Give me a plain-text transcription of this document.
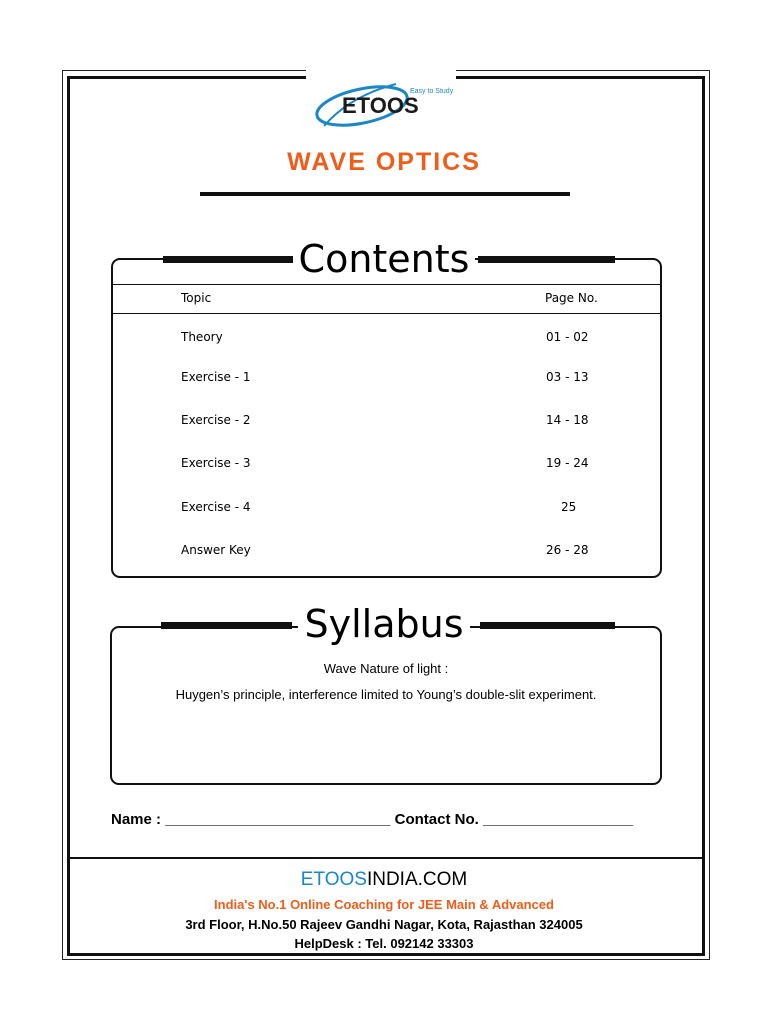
ETOOS
Easy to Study
WAVE OPTICS
Contents
Topic	Page No.
Theory	01 - 02
Exercise - 1	03 - 13
Exercise - 2	14 - 18
Exercise - 3	19 - 24
Exercise - 4	25
Answer Key	26 - 28
Syllabus
Wave Nature of light :
Huygen’s principle, interference limited to Young’s double-slit experiment.
Name : ___________________________ Contact No. __________________
ETOOSINDIA.COM
India's No.1 Online Coaching for JEE Main & Advanced
3rd Floor, H.No.50 Rajeev Gandhi Nagar, Kota, Rajasthan 324005
HelpDesk : Tel. 092142 33303
